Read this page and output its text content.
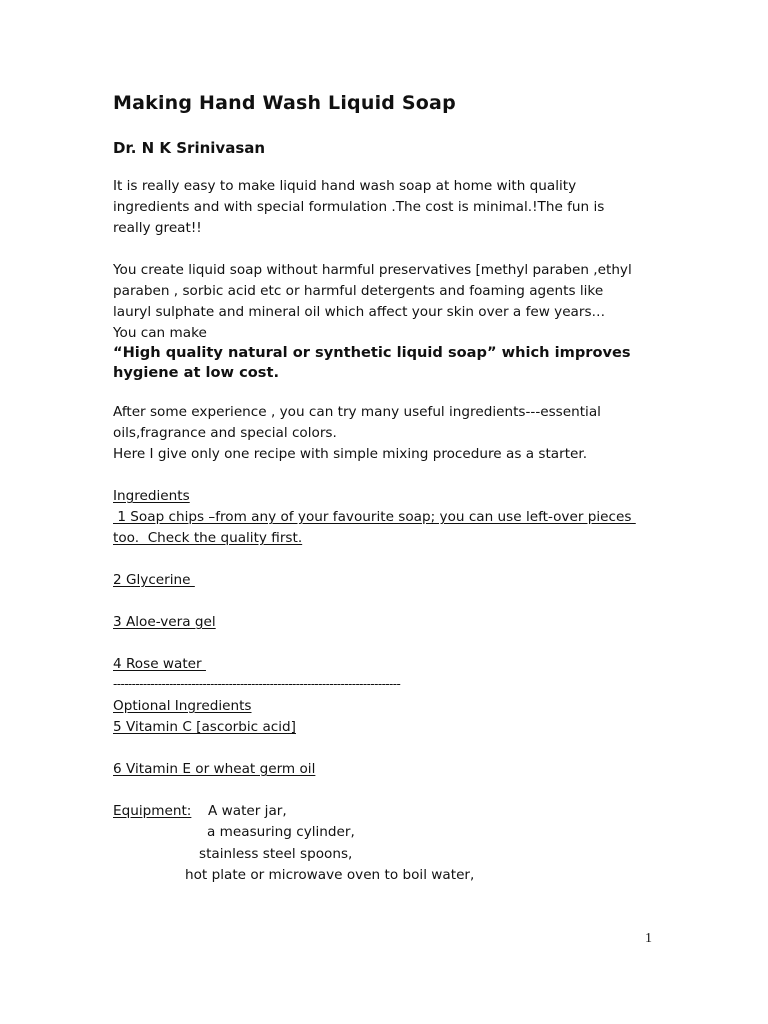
Making Hand Wash Liquid Soap

Dr. N K Srinivasan

It is really easy to make liquid hand wash soap at home with quality

ingredients and with special formulation .The cost is minimal.!The fun is

really great!!

You create liquid soap without harmful preservatives [methyl paraben ,ethyl

paraben , sorbic acid etc or harmful detergents and foaming agents like

lauryl sulphate and mineral oil which affect your skin over a few years…

You can make

“High quality natural or synthetic liquid soap” which improves

hygiene at low cost.

After some experience , you can try many useful ingredients---essential

oils,fragrance and special colors.

Here I give only one recipe with simple mixing procedure as a starter.

Ingredients

1 Soap chips –from any of your favourite soap; you can use left-over pieces

too.  Check the quality first.

2 Glycerine

3 Aloe-vera gel

4 Rose water

-----------------------------------------------------------------------------

Optional Ingredients

5 Vitamin C [ascorbic acid]

6 Vitamin E or wheat germ oil

Equipment: A water jar,

a measuring cylinder,

stainless steel spoons,

hot plate or microwave oven to boil water,

1
